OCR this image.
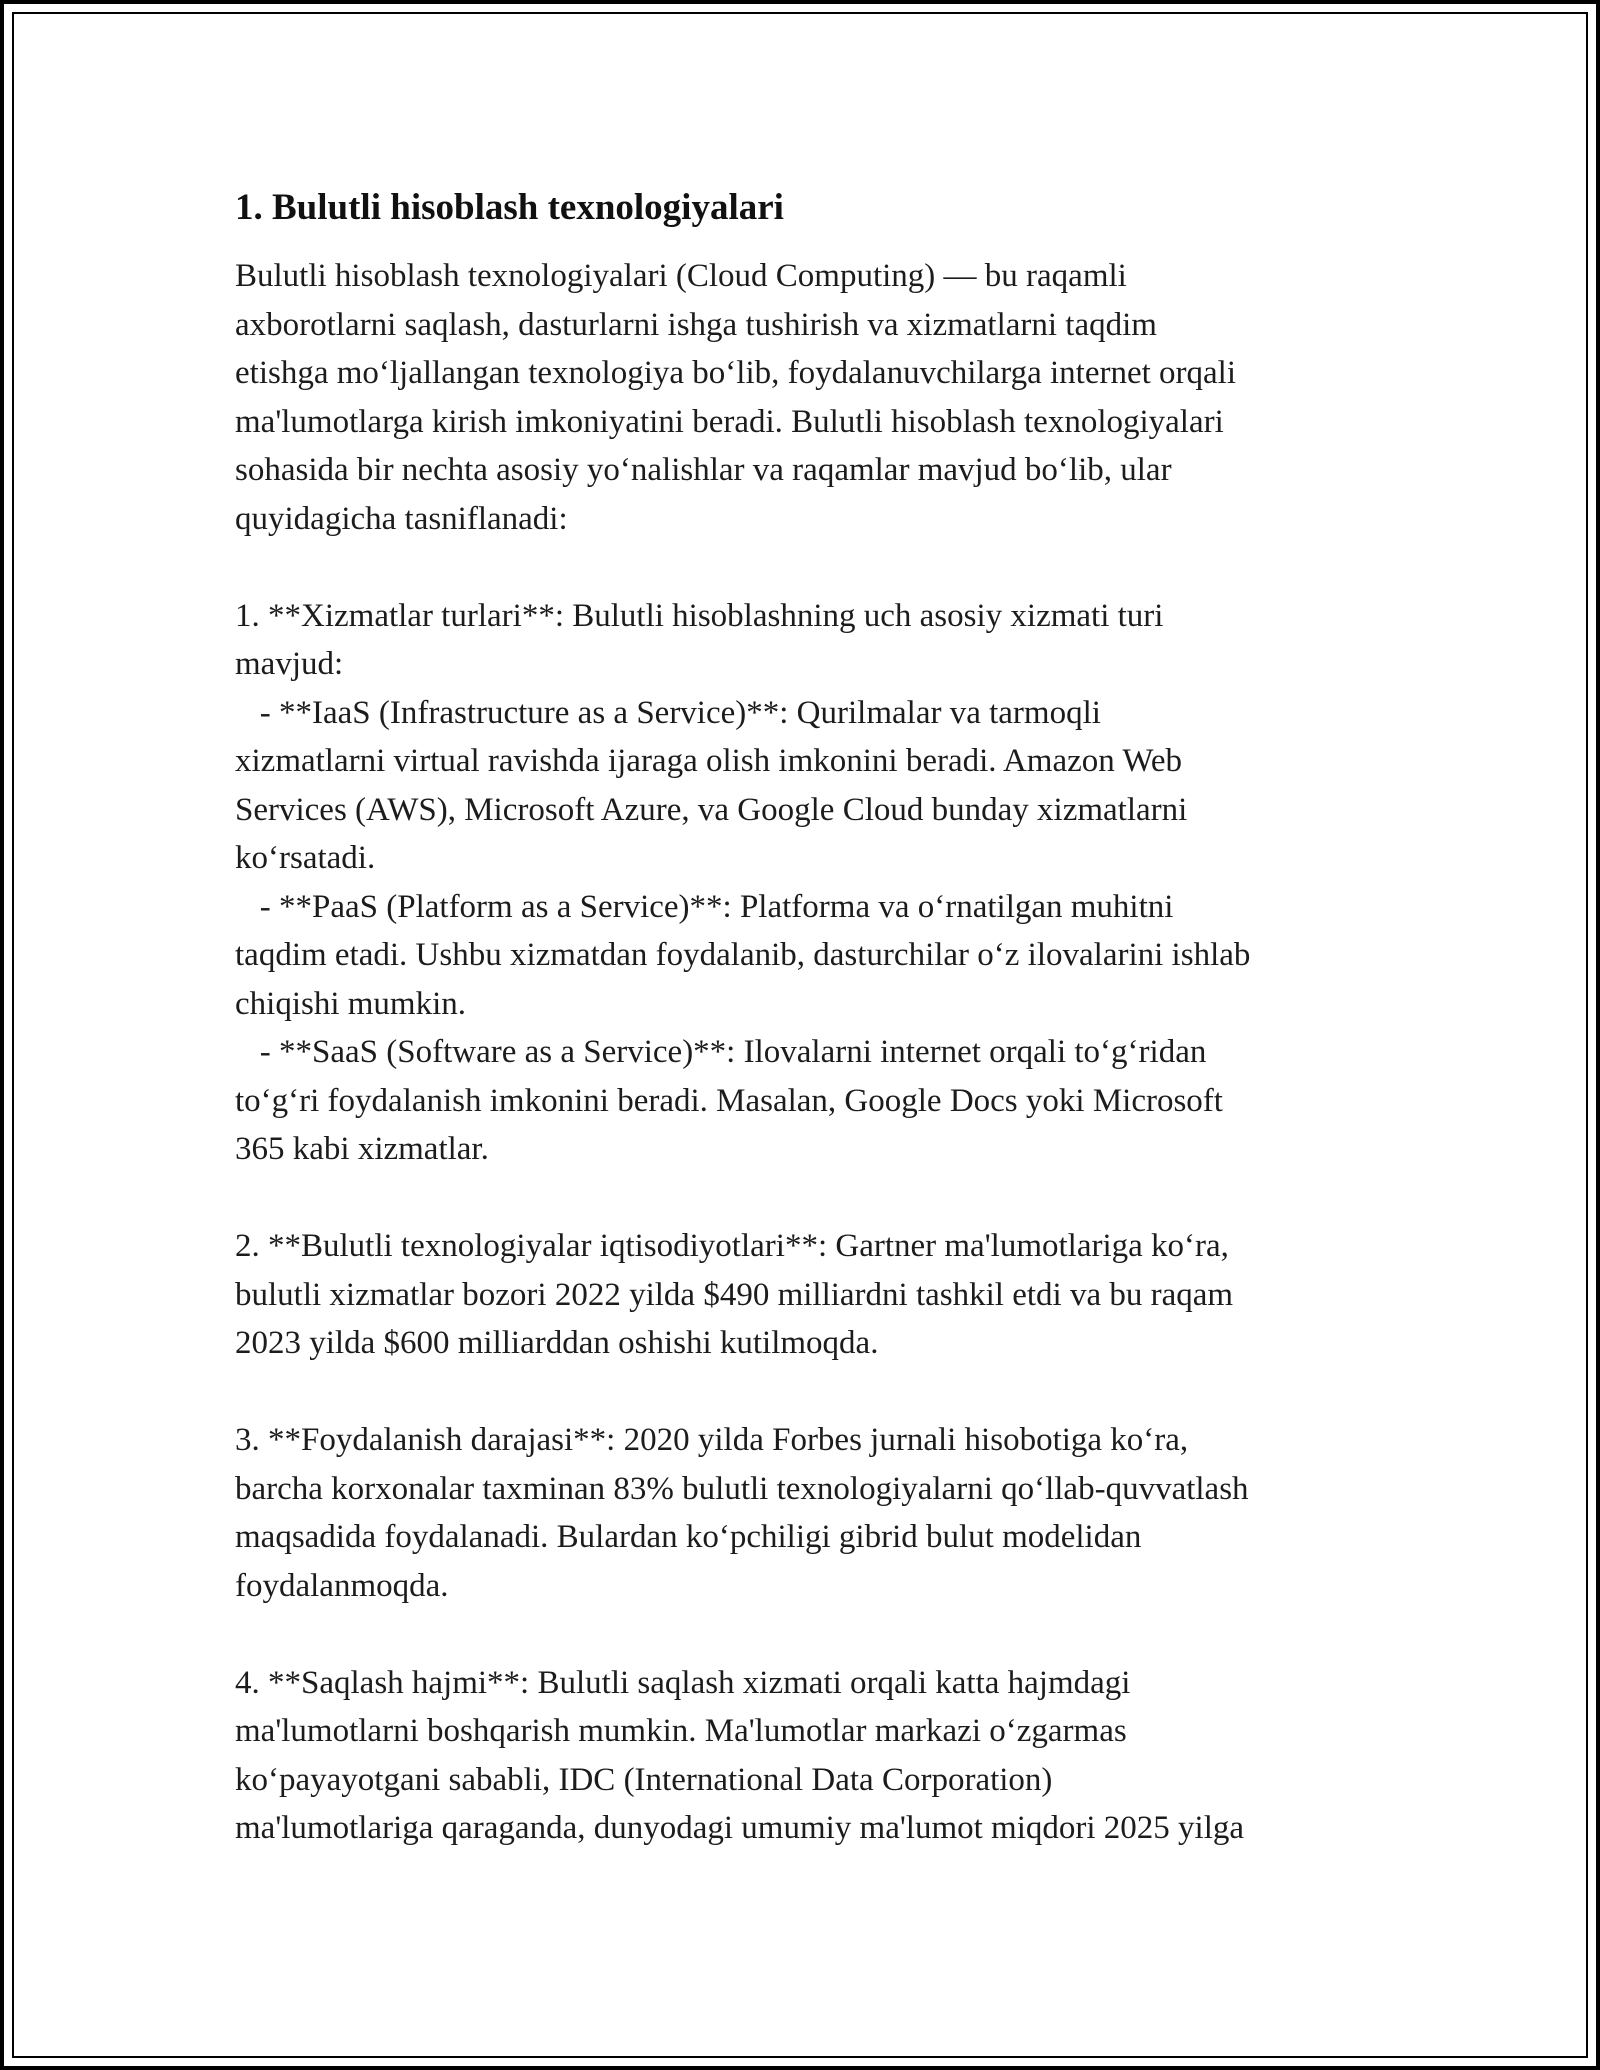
1. Bulutli hisoblash texnologiyalari

Bulutli hisoblash texnologiyalari (Cloud Computing) — bu raqamli
axborotlarni saqlash, dasturlarni ishga tushirish va xizmatlarni taqdim
etishga moʻljallangan texnologiya boʻlib, foydalanuvchilarga internet orqali
ma'lumotlarga kirish imkoniyatini beradi. Bulutli hisoblash texnologiyalari
sohasida bir nechta asosiy yoʻnalishlar va raqamlar mavjud boʻlib, ular
quyidagicha tasniflanadi:

1. **Xizmatlar turlari**: Bulutli hisoblashning uch asosiy xizmati turi
mavjud:
- **IaaS (Infrastructure as a Service)**: Qurilmalar va tarmoqli
xizmatlarni virtual ravishda ijaraga olish imkonini beradi. Amazon Web
Services (AWS), Microsoft Azure, va Google Cloud bunday xizmatlarni
koʻrsatadi.
- **PaaS (Platform as a Service)**: Platforma va oʻrnatilgan muhitni
taqdim etadi. Ushbu xizmatdan foydalanib, dasturchilar oʻz ilovalarini ishlab
chiqishi mumkin.
- **SaaS (Software as a Service)**: Ilovalarni internet orqali toʻgʻridan
toʻgʻri foydalanish imkonini beradi. Masalan, Google Docs yoki Microsoft
365 kabi xizmatlar.

2. **Bulutli texnologiyalar iqtisodiyotlari**: Gartner ma'lumotlariga koʻra,
bulutli xizmatlar bozori 2022 yilda $490 milliardni tashkil etdi va bu raqam
2023 yilda $600 milliarddan oshishi kutilmoqda.

3. **Foydalanish darajasi**: 2020 yilda Forbes jurnali hisobotiga koʻra,
barcha korxonalar taxminan 83% bulutli texnologiyalarni qoʻllab-quvvatlash
maqsadida foydalanadi. Bulardan koʻpchiligi gibrid bulut modelidan
foydalanmoqda.

4. **Saqlash hajmi**: Bulutli saqlash xizmati orqali katta hajmdagi
ma'lumotlarni boshqarish mumkin. Ma'lumotlar markazi oʻzgarmas
koʻpayayotgani sababli, IDC (International Data Corporation)
ma'lumotlariga qaraganda, dunyodagi umumiy ma'lumot miqdori 2025 yilga
